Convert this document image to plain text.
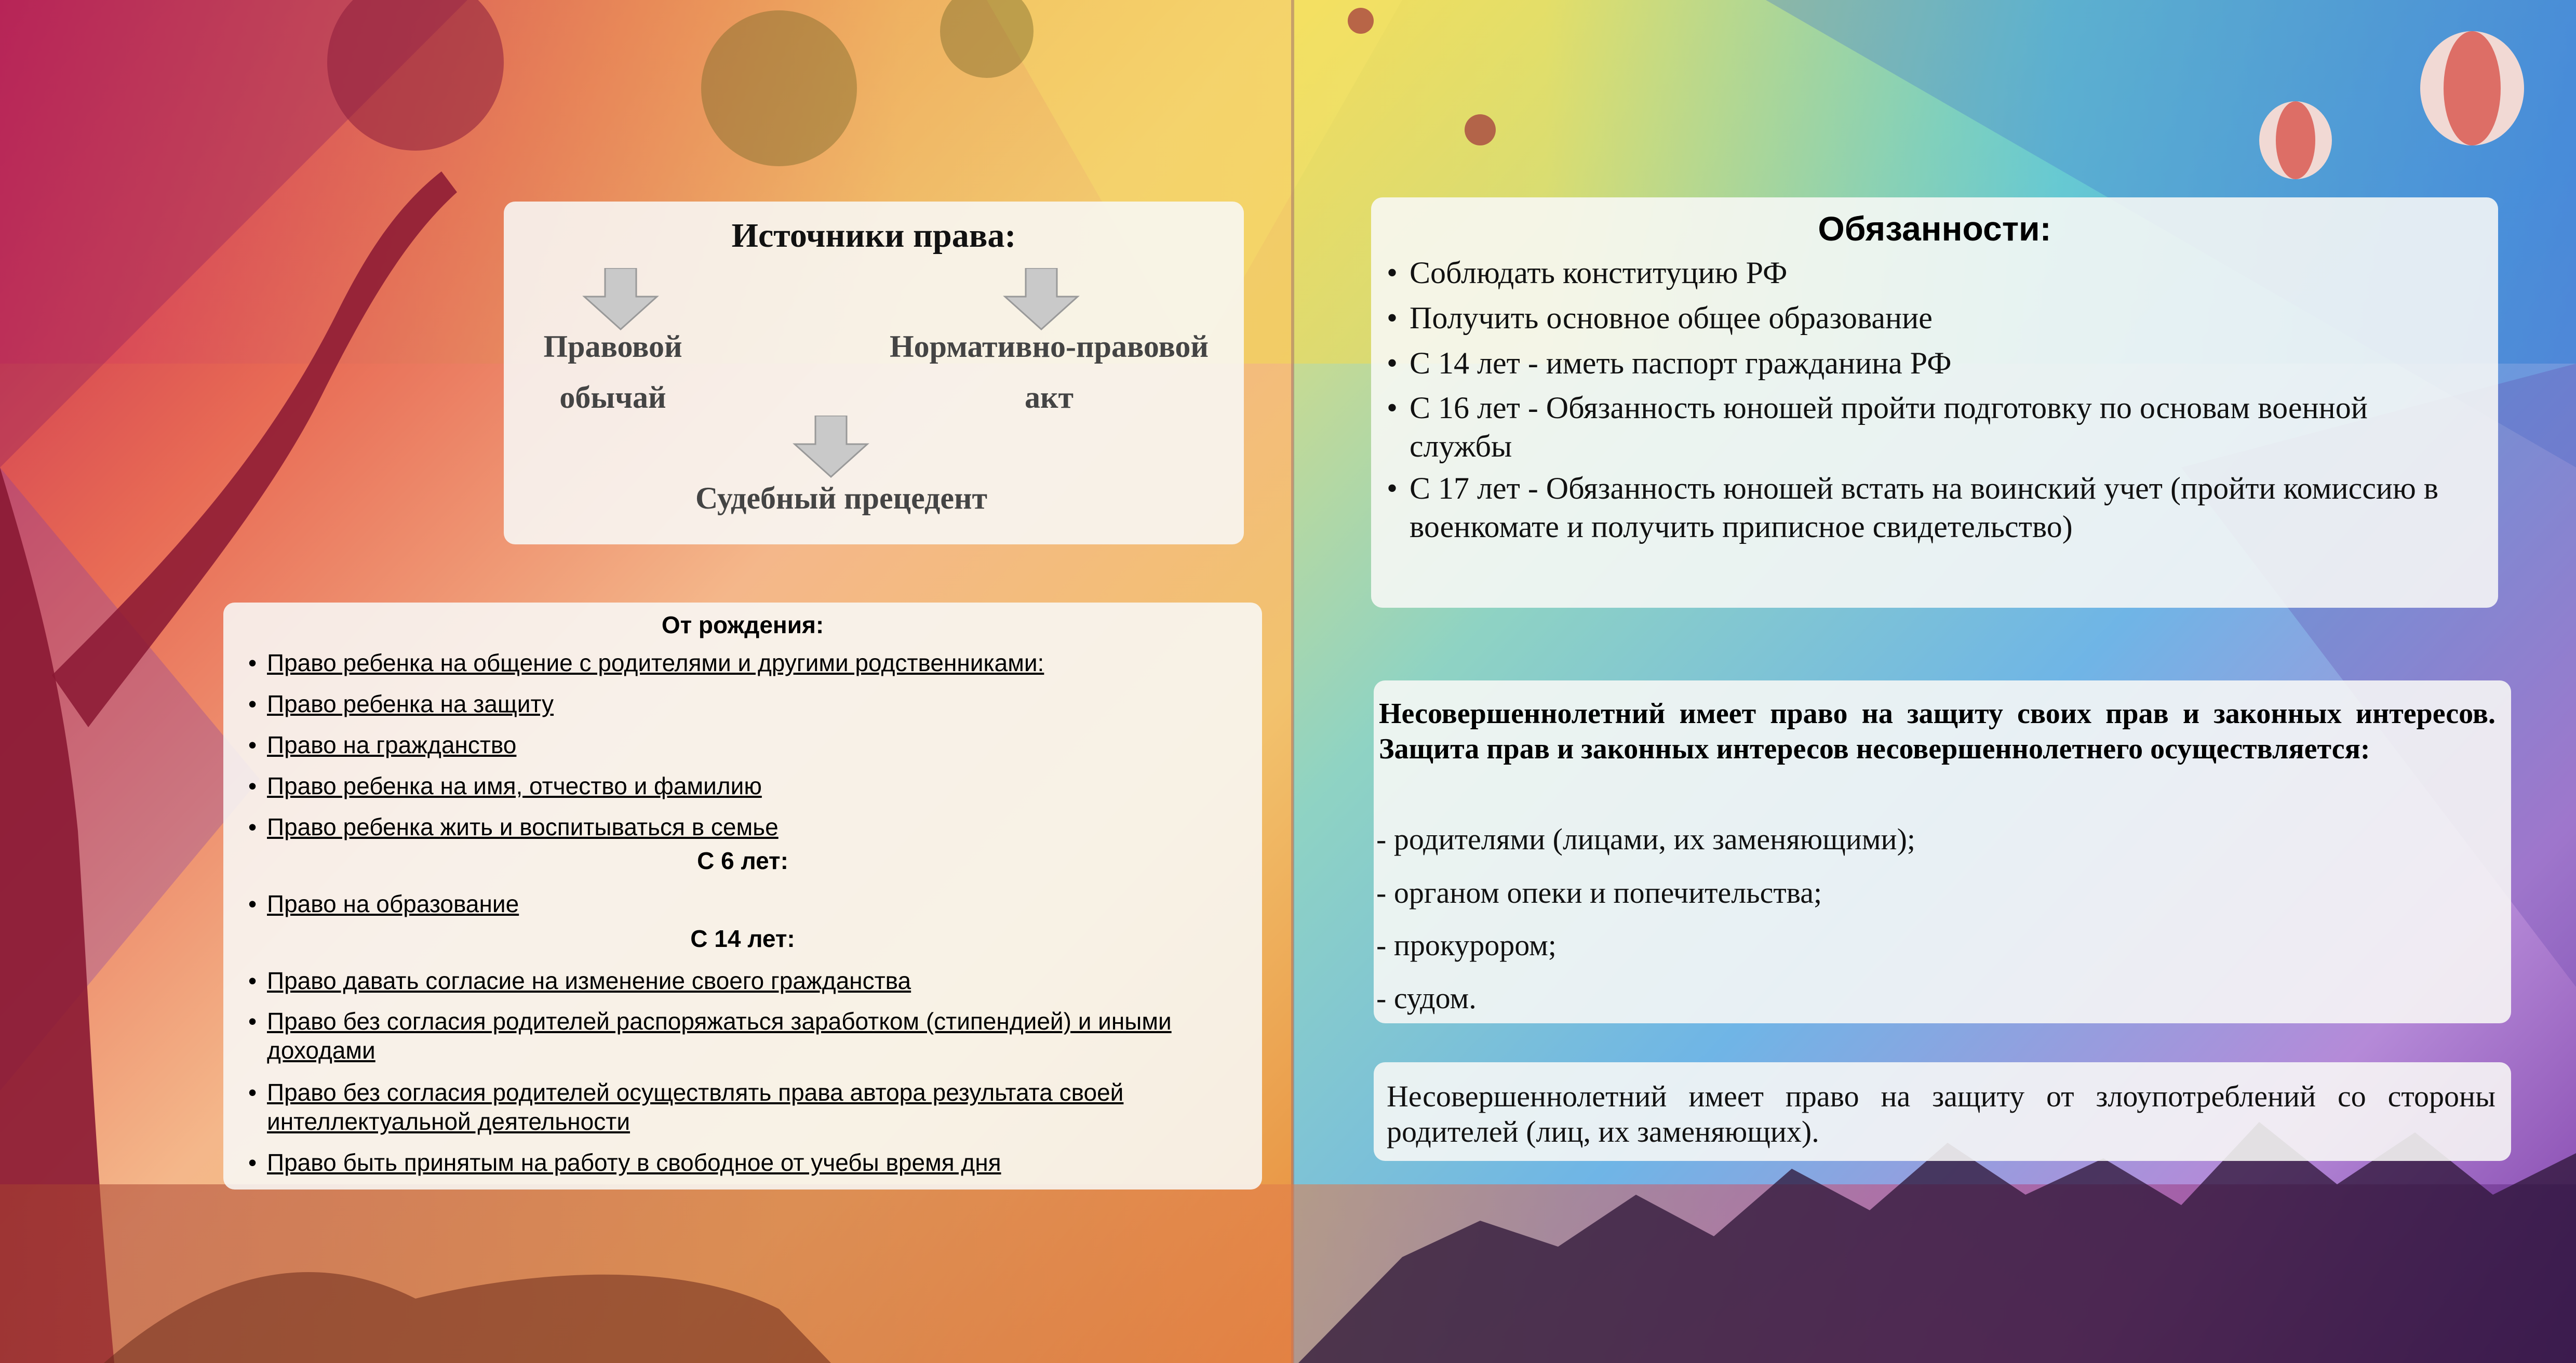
Источники права:
Правовой
обычай
Нормативно-правовой
акт
Судебный прецедент
От рождения:
• Право ребенка на общение с родителями и другими родственниками:
• Право ребенка на защиту
• Право на гражданство
• Право ребенка на имя, отчество и фамилию
• Право ребенка жить и воспитываться в семье
С 6 лет:
• Право на образование
С 14 лет:
• Право давать согласие на изменение своего гражданства
• Право без согласия родителей распоряжаться заработком (стипендией) и иными доходами
• Право без согласия родителей осуществлять права автора результата своей интеллектуальной деятельности
• Право быть принятым на работу в свободное от учебы время дня
Обязанности:
• Соблюдать конституцию РФ
• Получить основное общее образование
• С 14 лет - иметь паспорт гражданина РФ
• С 16 лет - Обязанность юношей пройти подготовку по основам военной службы
• С 17 лет - Обязанность юношей встать на воинский учет (пройти комиссию в военкомате и получить приписное свидетельство)
Несовершеннолетний имеет право на защиту своих прав и законных интересов. Защита прав и законных интересов несовершеннолетнего осуществляется:
- родителями (лицами, их заменяющими);
- органом опеки и попечительства;
- прокурором;
- судом.
Несовершеннолетний имеет право на защиту от злоупотреблений со стороны родителей (лиц, их заменяющих).
